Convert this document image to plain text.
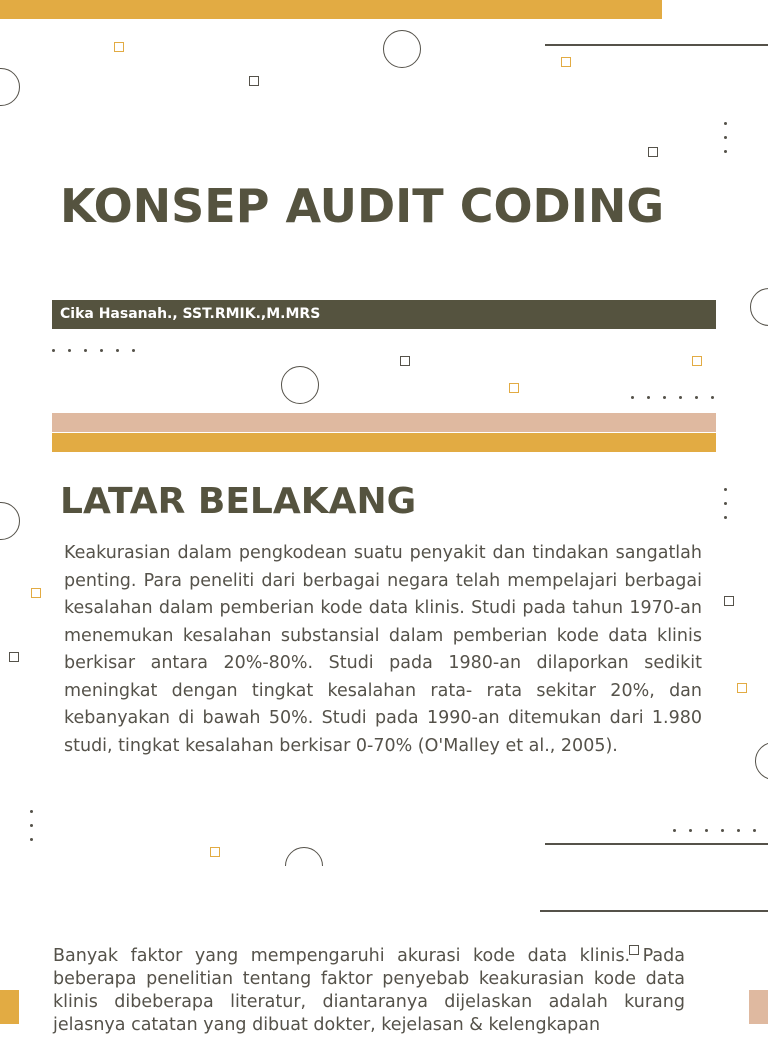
KONSEP AUDIT CODING
Cika Hasanah., SST.RMIK.,M.MRS
LATAR BELAKANG

Keakurasian dalam pengkodean suatu penyakit dan tindakan sangatlah penting. Para peneliti dari berbagai negara telah mempelajari berbagai kesalahan dalam pemberian kode data klinis. Studi pada tahun 1970-an menemukan kesalahan substansial dalam pemberian kode data klinis berkisar antara 20%-80%. Studi pada 1980-an dilaporkan sedikit meningkat dengan tingkat kesalahan rata- rata sekitar 20%, dan kebanyakan di bawah 50%. Studi pada 1990-an ditemukan dari 1.980 studi, tingkat kesalahan berkisar 0-70% (O'Malley et al., 2005).

Banyak faktor yang mempengaruhi akurasi kode data klinis. Pada beberapa penelitian tentang faktor penyebab keakurasian kode data klinis dibeberapa literatur, diantaranya dijelaskan adalah kurang jelasnya catatan yang dibuat dokter, kejelasan & kelengkapan
